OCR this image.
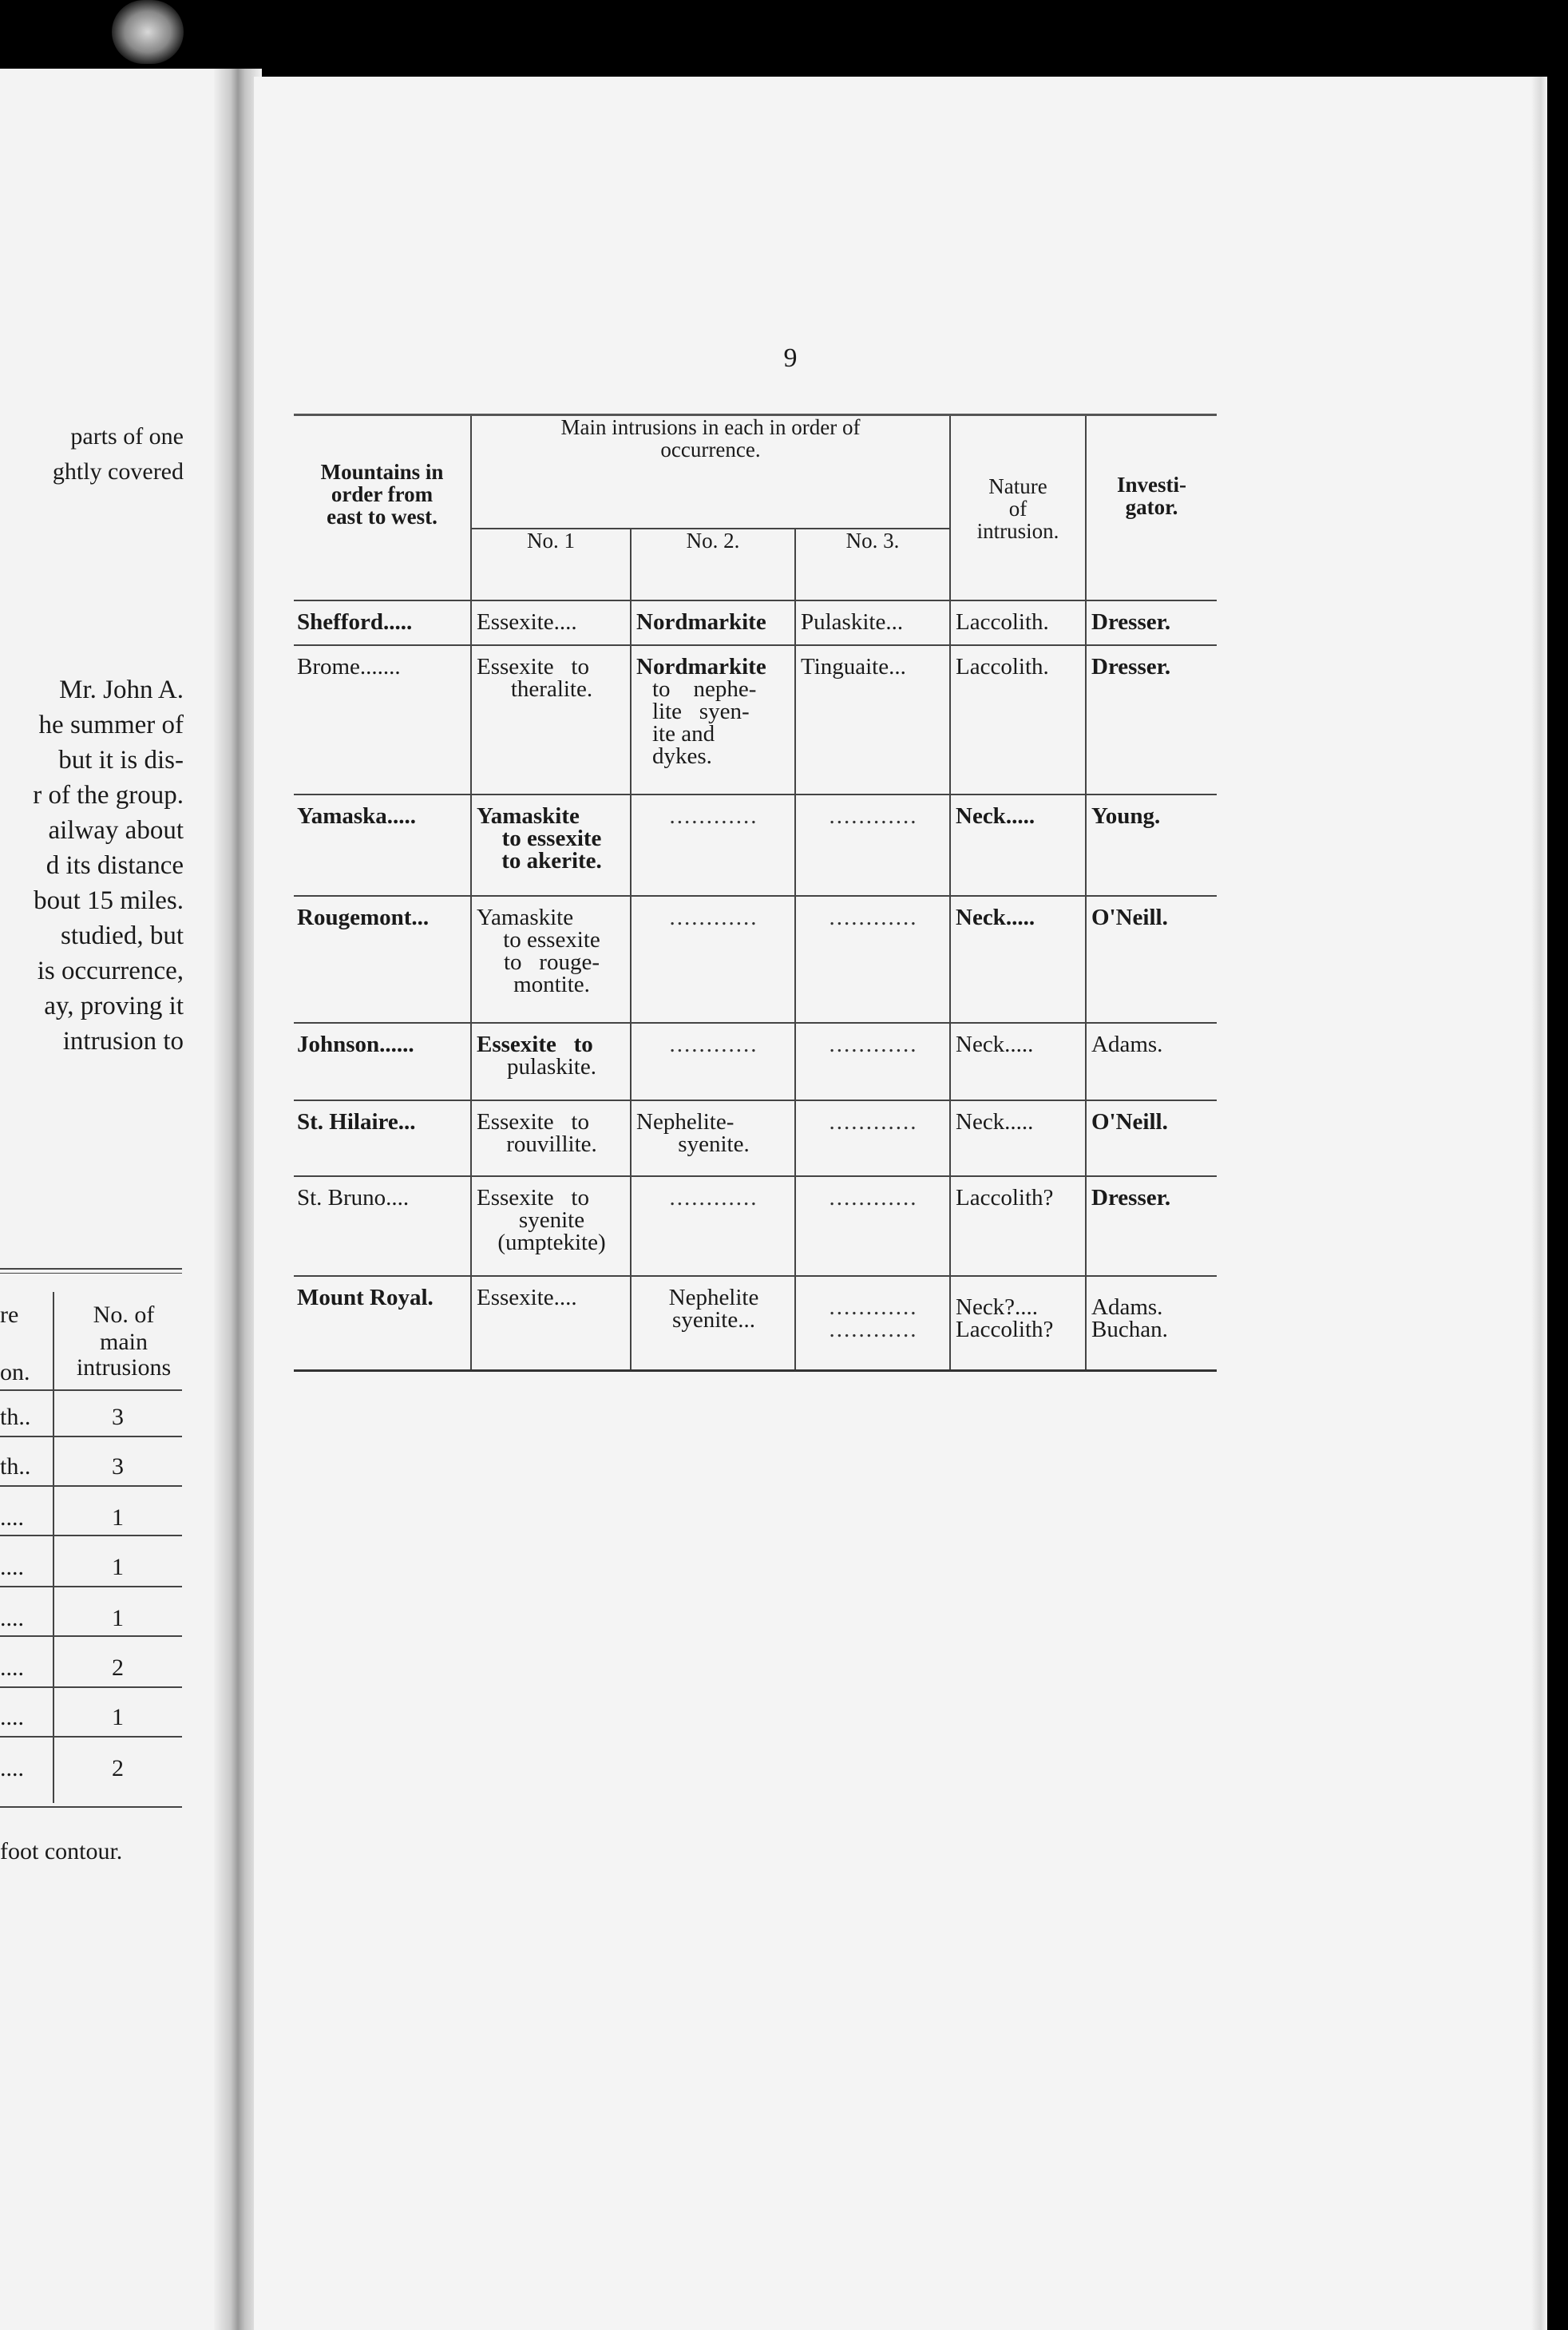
parts of one
ghtly covered
Mr. John A.
he summer of
but it is dis-
r of the group.
ailway about
d its distance
bout 15 miles.
studied, but
is occurrence,
ay, proving it
intrusion to
re
on.
No. of
main
intrusions
th..	3
th..	3
....	1
....	1
....	1
....	2
....	1
....	2
foot contour.
9
Mountains in
order from
east to west.	Main intrusions in each in order of
occurrence.			Nature
of
intrusion.	Investi-
gator.

	No. 1	No. 2.	No. 3.		
Shefford.....	Essexite....	Nordmarkite	Pulaskite...	Laccolith.	Dresser.

Brome.......	Essexite   to
theralite.	Nordmarkite
to    nephe-
lite   syen-
ite and
dykes.	Tinguaite...	Laccolith.	Dresser.

Yamaska.....	Yamaskite
to essexite
to akerite.	............	............	Neck.....	Young.

Rougemont...	Yamaskite
to essexite
to   rouge-
montite.	............	............	Neck.....	O'Neill.

Johnson......	Essexite   to
pulaskite.	............	............	Neck.....	Adams.

St. Hilaire...	Essexite   to
rouvillite.	Nephelite-
syenite.	............	Neck.....	O'Neill.

St. Bruno....	Essexite   to
syenite
(umptekite)	............	............	Laccolith?	Dresser.

Mount Royal.	Essexite....	Nephelite
syenite...	............
............	Neck?....
Laccolith?	Adams.
Buchan.
